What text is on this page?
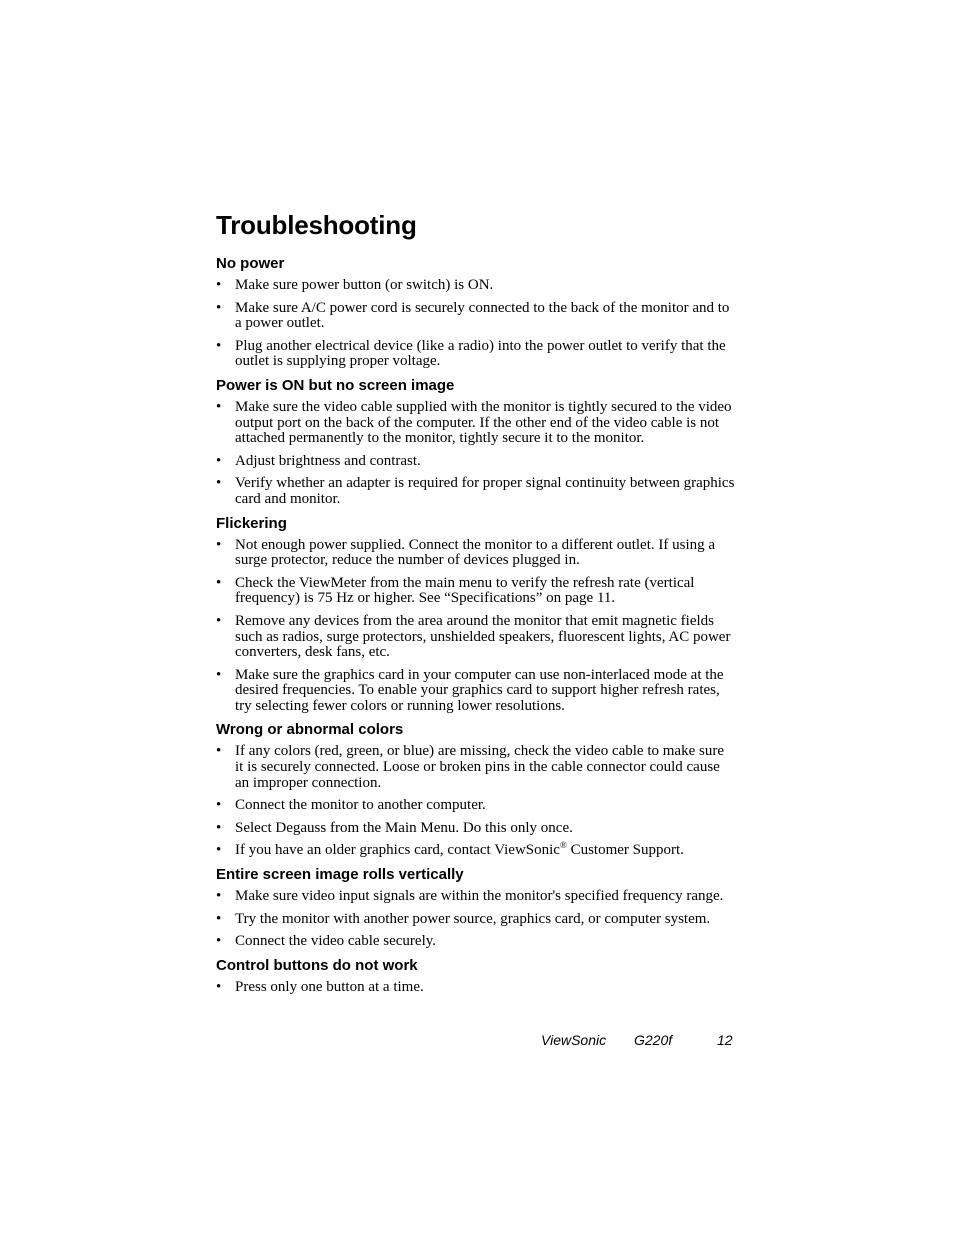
Troubleshooting
No power
• Make sure power button (or switch) is ON.
• Make sure A/C power cord is securely connected to the back of the monitor and to a power outlet.
• Plug another electrical device (like a radio) into the power outlet to verify that the outlet is supplying proper voltage.
Power is ON but no screen image
• Make sure the video cable supplied with the monitor is tightly secured to the video output port on the back of the computer. If the other end of the video cable is not attached permanently to the monitor, tightly secure it to the monitor.
• Adjust brightness and contrast.
• Verify whether an adapter is required for proper signal continuity between graphics card and monitor.
Flickering
• Not enough power supplied. Connect the monitor to a different outlet. If using a surge protector, reduce the number of devices plugged in.
• Check the ViewMeter from the main menu to verify the refresh rate (vertical frequency) is 75 Hz or higher. See “Specifications” on page 11.
• Remove any devices from the area around the monitor that emit magnetic fields such as radios, surge protectors, unshielded speakers, fluorescent lights, AC power converters, desk fans, etc.
• Make sure the graphics card in your computer can use non-interlaced mode at the desired frequencies. To enable your graphics card to support higher refresh rates, try selecting fewer colors or running lower resolutions.
Wrong or abnormal colors
• If any colors (red, green, or blue) are missing, check the video cable to make sure it is securely connected. Loose or broken pins in the cable connector could cause an improper connection.
• Connect the monitor to another computer.
• Select Degauss from the Main Menu. Do this only once.
• If you have an older graphics card, contact ViewSonic® Customer Support.
Entire screen image rolls vertically
• Make sure video input signals are within the monitor's specified frequency range.
• Try the monitor with another power source, graphics card, or computer system.
• Connect the video cable securely.
Control buttons do not work
• Press only one button at a time.
ViewSonic G220f	12
